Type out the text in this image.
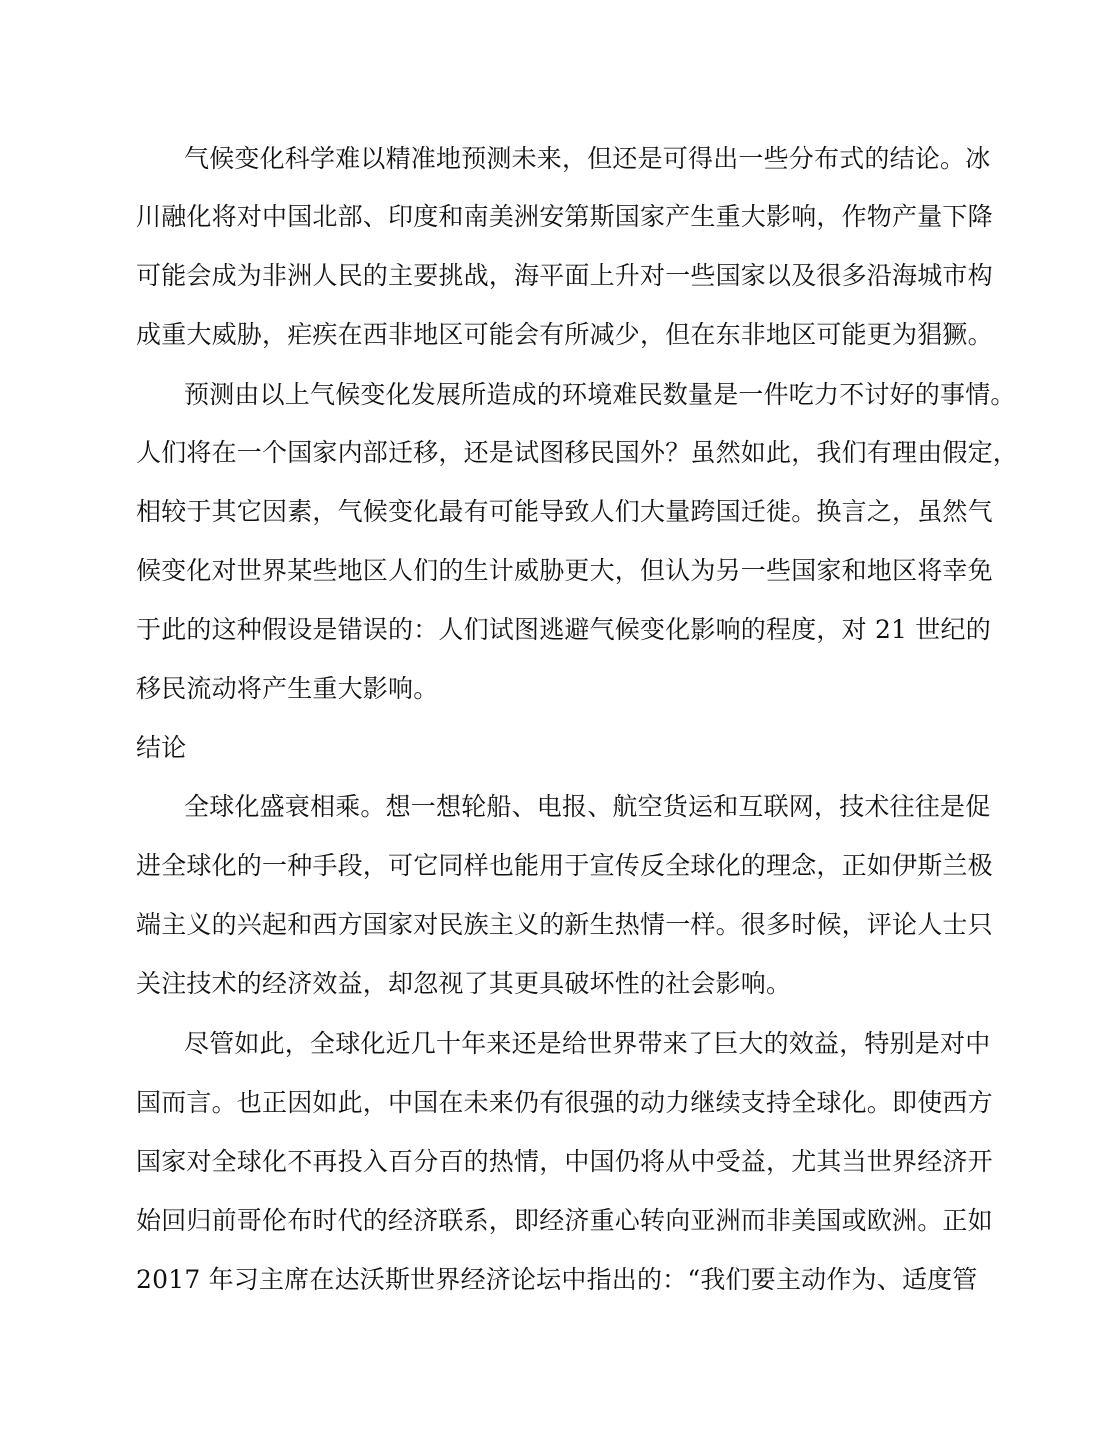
气候变化科学难以精准地预测未来，但还是可得出一些分布式的结论。冰
川融化将对中国北部、印度和南美洲安第斯国家产生重大影响，作物产量下降
可能会成为非洲人民的主要挑战，海平面上升对一些国家以及很多沿海城市构
成重大威胁，疟疾在西非地区可能会有所减少，但在东非地区可能更为猖獗。
预测由以上气候变化发展所造成的环境难民数量是一件吃力不讨好的事情。
人们将在一个国家内部迁移，还是试图移民国外？虽然如此，我们有理由假定，
相较于其它因素，气候变化最有可能导致人们大量跨国迁徙。换言之，虽然气
候变化对世界某些地区人们的生计威胁更大，但认为另一些国家和地区将幸免
于此的这种假设是错误的：人们试图逃避气候变化影响的程度，对 21 世纪的
移民流动将产生重大影响。
结论
全球化盛衰相乘。想一想轮船、电报、航空货运和互联网，技术往往是促
进全球化的一种手段，可它同样也能用于宣传反全球化的理念，正如伊斯兰极
端主义的兴起和西方国家对民族主义的新生热情一样。很多时候，评论人士只
关注技术的经济效益，却忽视了其更具破坏性的社会影响。
尽管如此，全球化近几十年来还是给世界带来了巨大的效益，特别是对中
国而言。也正因如此，中国在未来仍有很强的动力继续支持全球化。即使西方
国家对全球化不再投入百分百的热情，中国仍将从中受益，尤其当世界经济开
始回归前哥伦布时代的经济联系，即经济重心转向亚洲而非美国或欧洲。正如
2017 年习主席在达沃斯世界经济论坛中指出的：“我们要主动作为、适度管
